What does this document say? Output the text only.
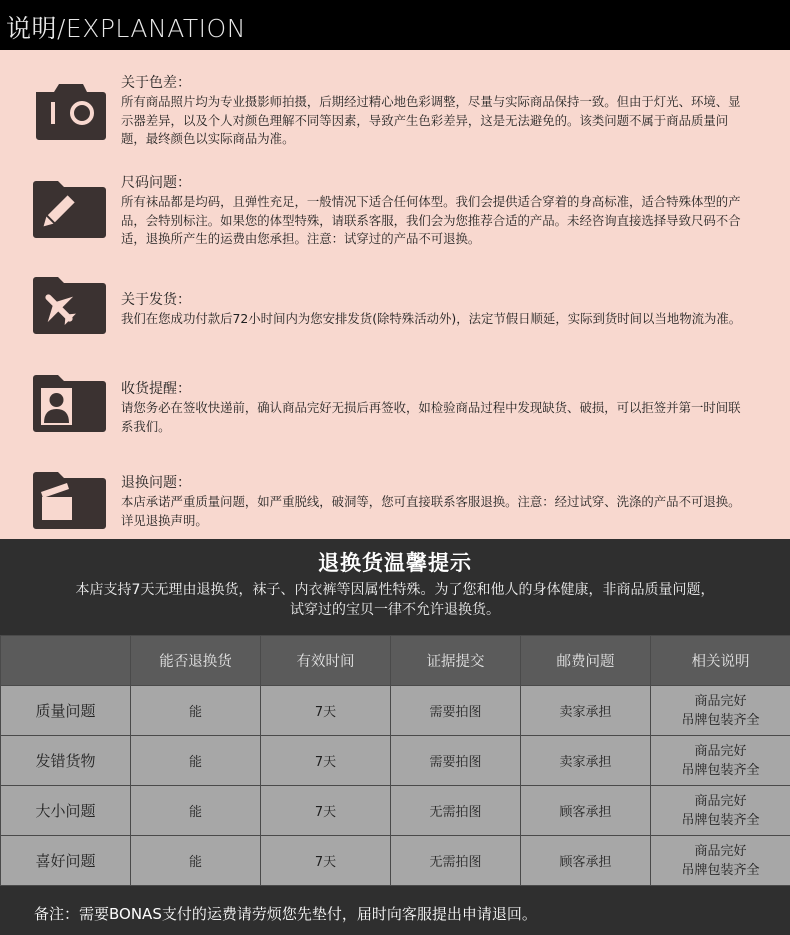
说明/EXPLANATION
关于色差：
所有商品照片均为专业摄影师拍摄，后期经过精心地色彩调整，尽量与实际商品保持一致。但由于灯光、环境、显示器差异，以及个人对颜色理解不同等因素，导致产生色彩差异，这是无法避免的。该类问题不属于商品质量问题，最终颜色以实际商品为准。
尺码问题：
所有袜品都是均码，且弹性充足，一般情况下适合任何体型。我们会提供适合穿着的身高标准，适合特殊体型的产品，会特别标注。如果您的体型特殊，请联系客服，我们会为您推荐合适的产品。未经咨询直接选择导致尺码不合适，退换所产生的运费由您承担。注意：试穿过的产品不可退换。
关于发货：
我们在您成功付款后72小时间内为您安排发货(除特殊活动外)，法定节假日顺延，实际到货时间以当地物流为准。
收货提醒：
请您务必在签收快递前，确认商品完好无损后再签收，如检验商品过程中发现缺货、破损，可以拒签并第一时间联系我们。
退换问题：
本店承诺严重质量问题，如严重脱线，破洞等，您可直接联系客服退换。注意：经过试穿、洗涤的产品不可退换。详见退换声明。
退换货温馨提示
本店支持7天无理由退换货，袜子、内衣裤等因属性特殊。为了您和他人的身体健康，非商品质量问题，
试穿过的宝贝一律不允许退换货。
	能否退换货	有效时间	证据提交	邮费问题	相关说明
质量问题	能	7天	需要拍图	卖家承担	商品完好
吊牌包装齐全

发错货物	能	7天	需要拍图	卖家承担	商品完好
吊牌包装齐全

大小问题	能	7天	无需拍图	顾客承担	商品完好
吊牌包装齐全

喜好问题	能	7天	无需拍图	顾客承担	商品完好
吊牌包装齐全
备注：需要BONAS支付的运费请劳烦您先垫付，届时向客服提出申请退回。
